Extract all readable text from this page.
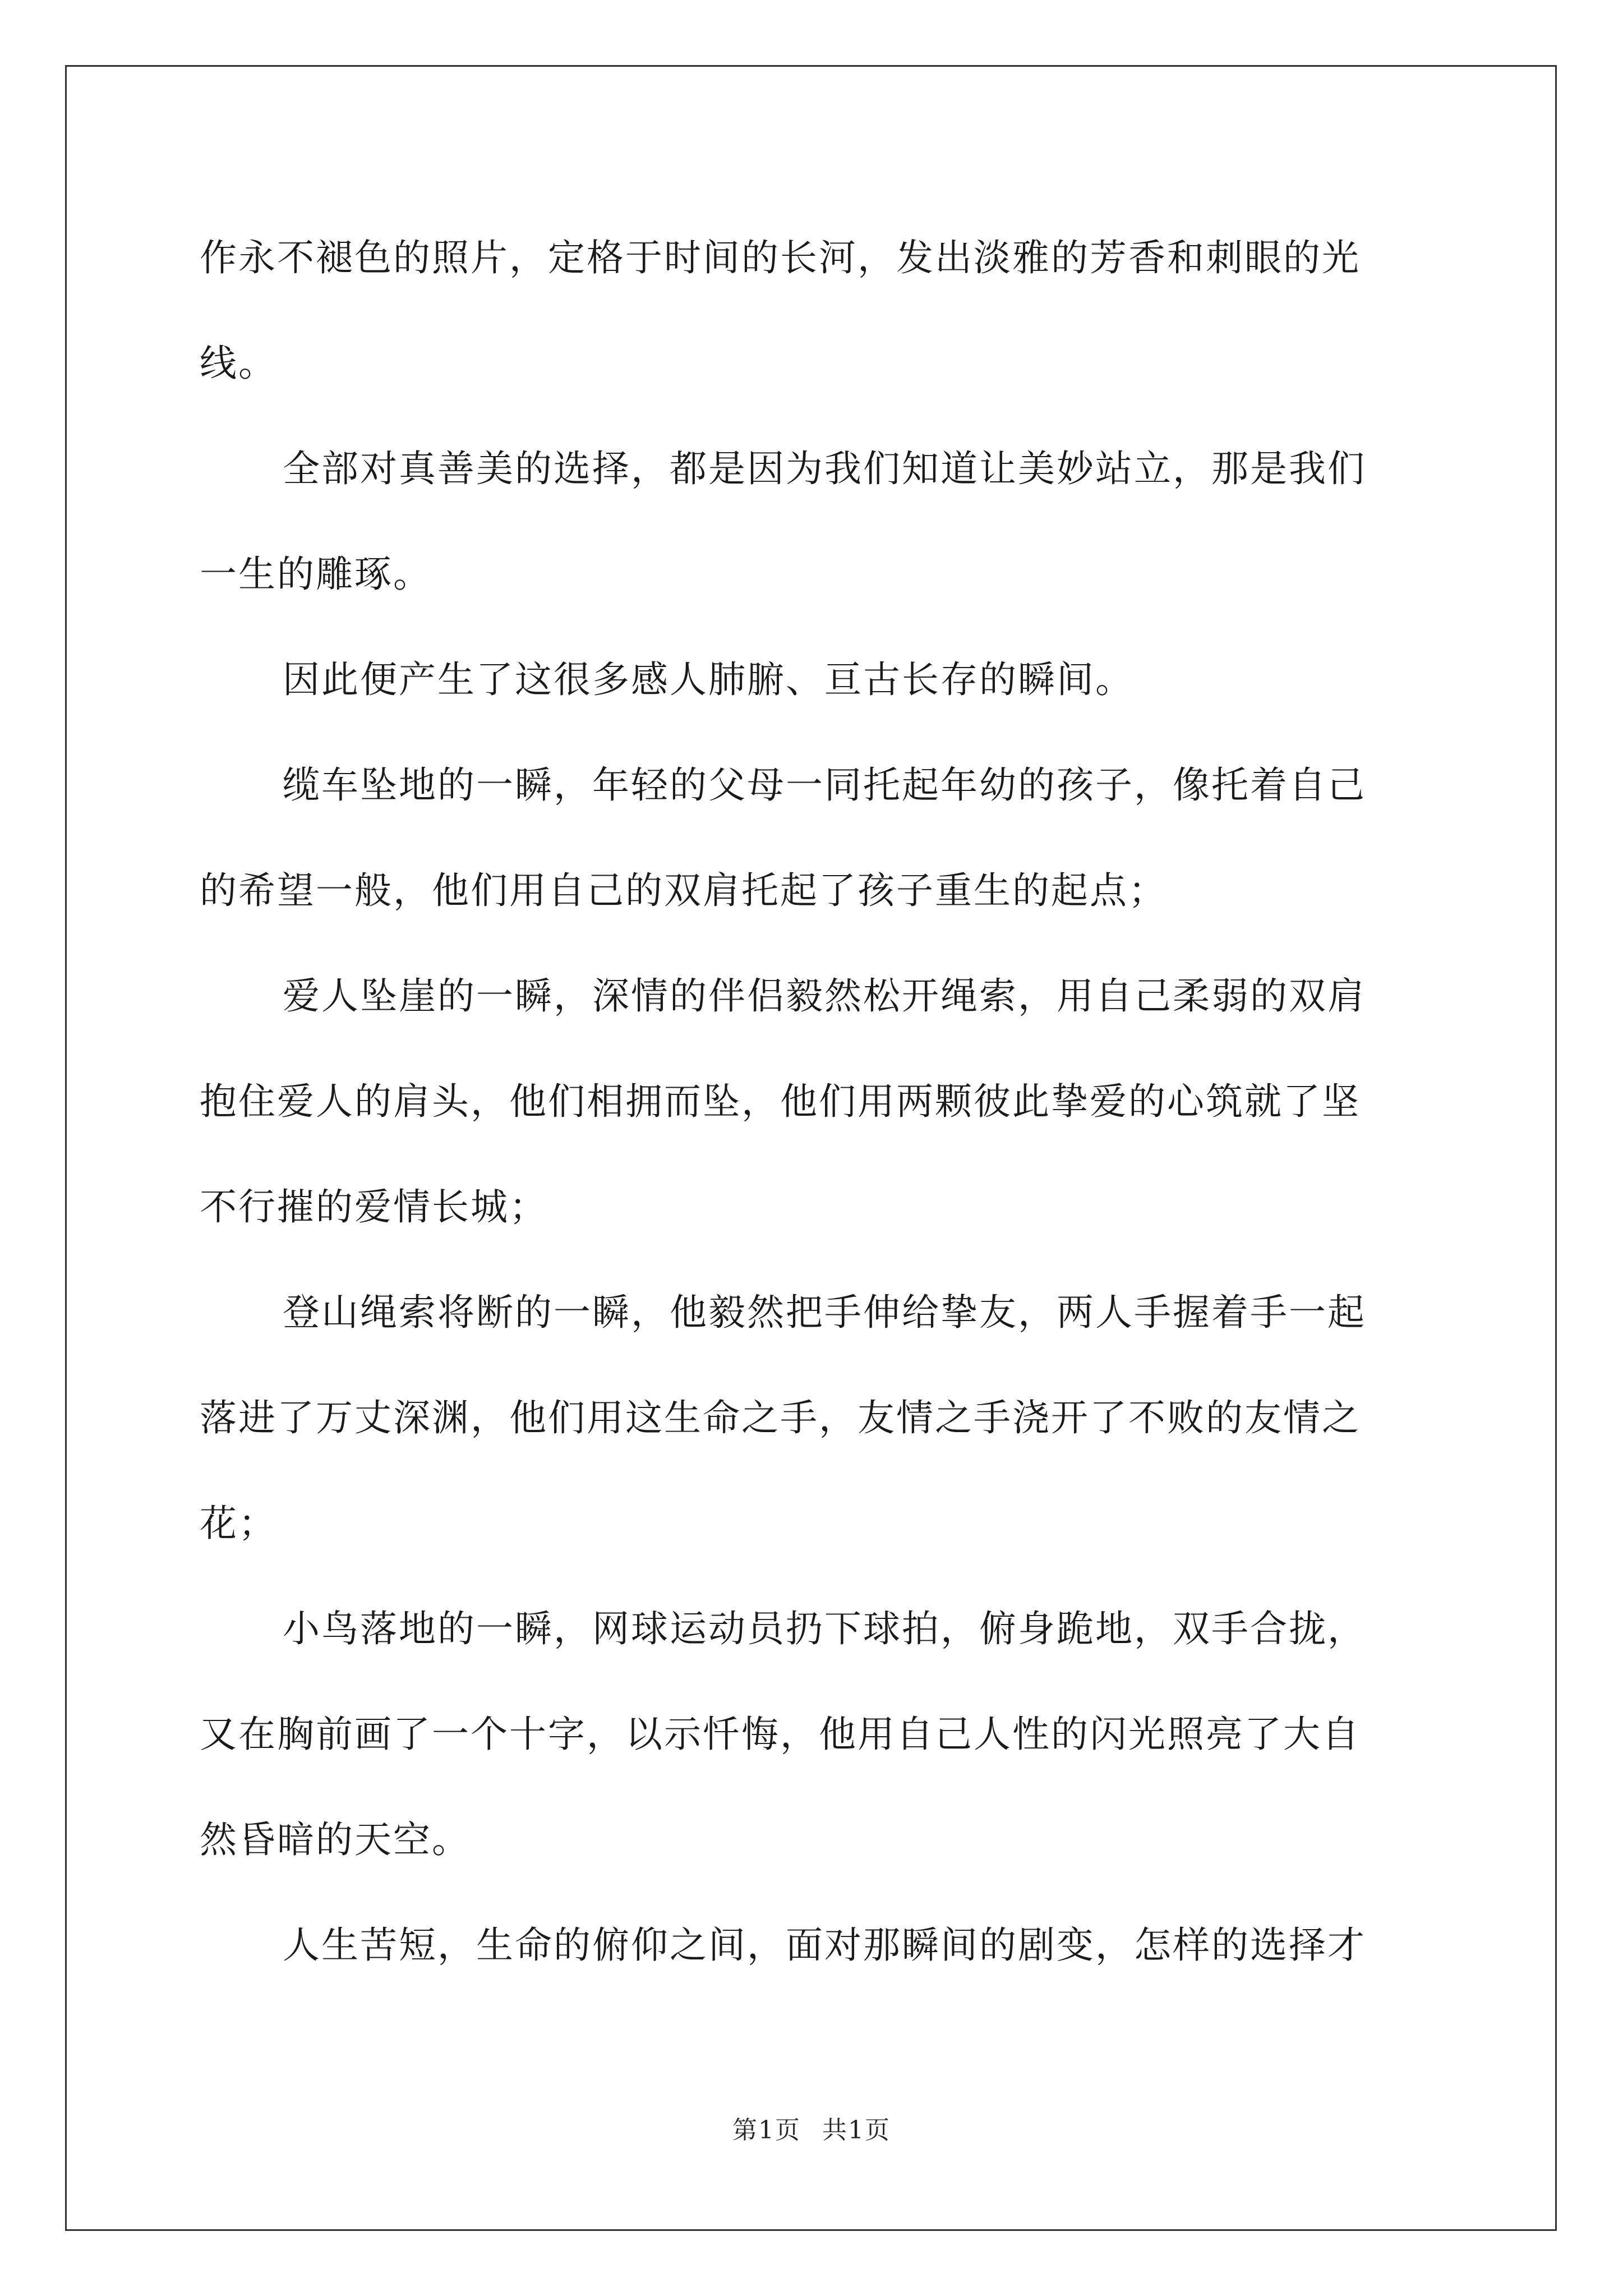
作永不褪色的照片，定格于时间的长河，发出淡雅的芳香和刺眼的光
线。

全部对真善美的选择，都是因为我们知道让美妙站立，那是我们
一生的雕琢。

因此便产生了这很多感人肺腑、亘古长存的瞬间。

缆车坠地的一瞬，年轻的父母一同托起年幼的孩子，像托着自己
的希望一般，他们用自己的双肩托起了孩子重生的起点；

爱人坠崖的一瞬，深情的伴侣毅然松开绳索，用自己柔弱的双肩
抱住爱人的肩头，他们相拥而坠，他们用两颗彼此挚爱的心筑就了坚
不行摧的爱情长城；

登山绳索将断的一瞬，他毅然把手伸给挚友，两人手握着手一起
落进了万丈深渊，他们用这生命之手，友情之手浇开了不败的友情之
花；

小鸟落地的一瞬，网球运动员扔下球拍，俯身跪地，双手合拢，
又在胸前画了一个十字，以示忏悔，他用自己人性的闪光照亮了大自
然昏暗的天空。

人生苦短，生命的俯仰之间，面对那瞬间的剧变，怎样的选择才

第1页 共1页
